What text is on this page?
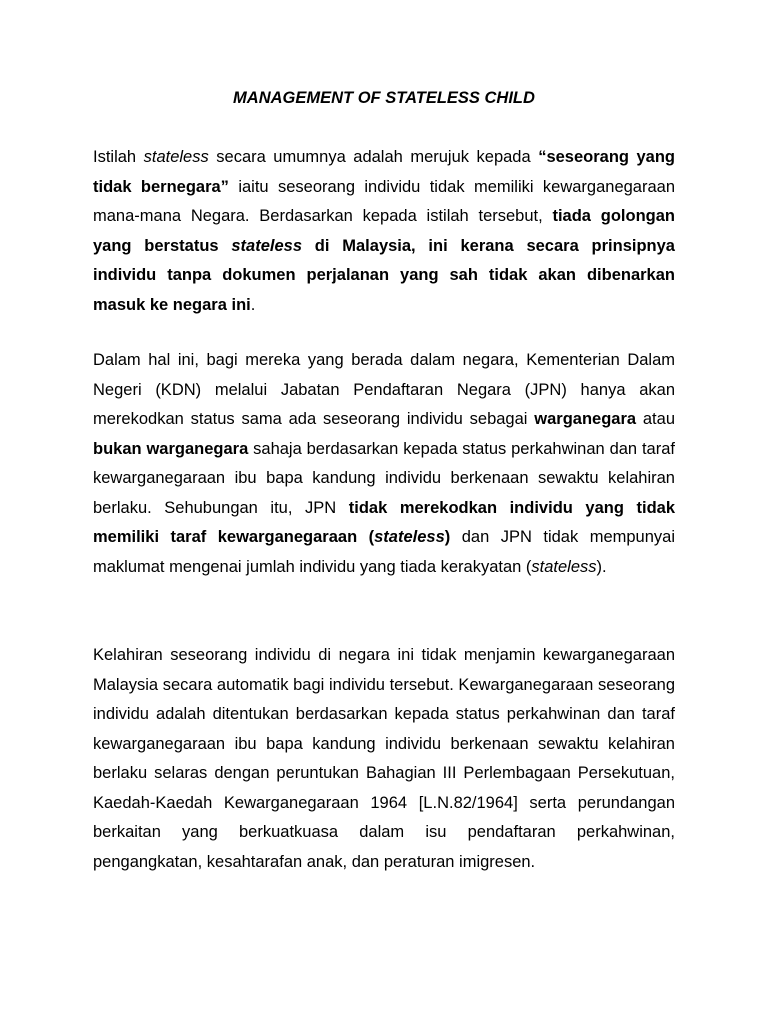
MANAGEMENT OF STATELESS CHILD

Istilah stateless secara umumnya adalah merujuk kepada “seseorang yang tidak bernegara” iaitu seseorang individu tidak memiliki kewarganegaraan mana-mana Negara. Berdasarkan kepada istilah tersebut, tiada golongan yang berstatus stateless di Malaysia, ini kerana secara prinsipnya individu tanpa dokumen perjalanan yang sah tidak akan dibenarkan masuk ke negara ini.

Dalam hal ini, bagi mereka yang berada dalam negara, Kementerian Dalam Negeri (KDN) melalui Jabatan Pendaftaran Negara (JPN) hanya akan merekodkan status sama ada seseorang individu sebagai warganegara atau bukan warganegara sahaja berdasarkan kepada status perkahwinan dan taraf kewarganegaraan ibu bapa kandung individu berkenaan sewaktu kelahiran berlaku. Sehubungan itu, JPN tidak merekodkan individu yang tidak memiliki taraf kewarganegaraan (stateless) dan JPN tidak mempunyai maklumat mengenai jumlah individu yang tiada kerakyatan (stateless).

Kelahiran seseorang individu di negara ini tidak menjamin kewarganegaraan Malaysia secara automatik bagi individu tersebut. Kewarganegaraan seseorang individu adalah ditentukan berdasarkan kepada status perkahwinan dan taraf kewarganegaraan ibu bapa kandung individu berkenaan sewaktu kelahiran berlaku selaras dengan peruntukan Bahagian III Perlembagaan Persekutuan, Kaedah-Kaedah Kewarganegaraan 1964 [L.N.82/1964] serta perundangan berkaitan yang berkuatkuasa dalam isu pendaftaran perkahwinan, pengangkatan, kesahtarafan anak, dan peraturan imigresen.
